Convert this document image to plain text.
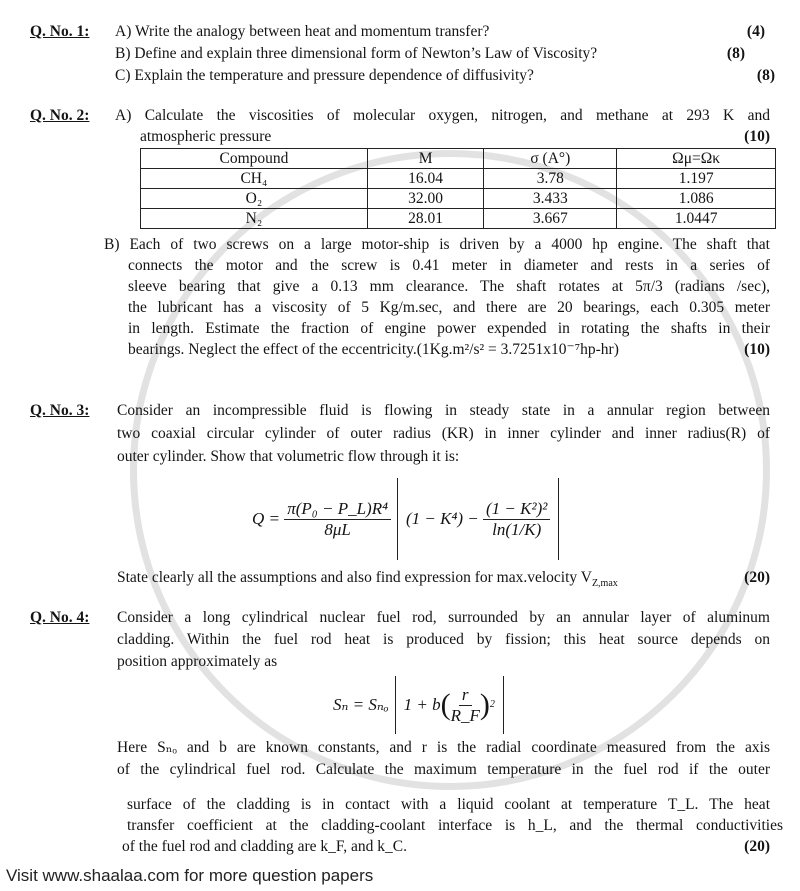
Q. No. 1: A) Write the analogy between heat and momentum transfer?	(4)
B) Define and explain three dimensional form of Newton’s Law of Viscosity?	(8)
C) Explain the temperature and pressure dependence of diffusivity?	(8)
Q. No. 2: A) Calculate the viscosities of molecular oxygen, nitrogen, and methane at 293 K and
atmospheric pressure	(10)
Compound	M	σ (A°)	Ωμ=Ωκ
CH₄	16.04	3.78	1.197
O₂	32.00	3.433	1.086
N₂	28.01	3.667	1.0447
B) Each of two screws on a large motor-ship is driven by a 4000 hp engine. The shaft that
connects the motor and the screw is 0.41 meter in diameter and rests in a series of
sleeve bearing that give a 0.13 mm clearance. The shaft rotates at 5π/3 (radians /sec),
the lubricant has a viscosity of 5 Kg/m.sec, and there are 20 bearings, each 0.305 meter
in length. Estimate the fraction of engine power expended in rotating the shafts in their
bearings. Neglect the effect of the eccentricity.(1Kg.m²/s² = 3.7251x10⁻⁷hp-hr)	(10)
Q. No. 3: Consider an incompressible fluid is flowing in steady state in a annular region between
two coaxial circular cylinder of outer radius (KR) in inner cylinder and inner radius(R) of
outer cylinder. Show that volumetric flow through it is:
Q =
$\frac{\text{π(P₀ − P\_L)R⁴}}{8\mu L} (1 - K^4)$ −
$\frac{\text{(1 − K²)²}}{\ln(1/K)}$
State clearly all the assumptions and also find expression for max.velocity $V_{Z,max}$	(20)
Q. No. 4: Consider a long cylindrical nuclear fuel rod, surrounded by an annular layer of aluminum
cladding. Within the fuel rod heat is produced by fission; this heat source depends on
position approximately as
Sₙ = Sₙₒ 1 + b ( $\frac{r}{R\_F}$ ) 2
Here Sₙₒ and b are known constants, and r is the radial coordinate measured from the axis
of the cylindrical fuel rod. Calculate the maximum temperature in the fuel rod if the outer
surface of the cladding is in contact with a liquid coolant at temperature T_L. The heat
transfer coefficient at the cladding-coolant interface is h_L, and the thermal conductivities
of the fuel rod and cladding are k_F, and k_C.	(20)
Visit www.shaalaa.com for more question papers
